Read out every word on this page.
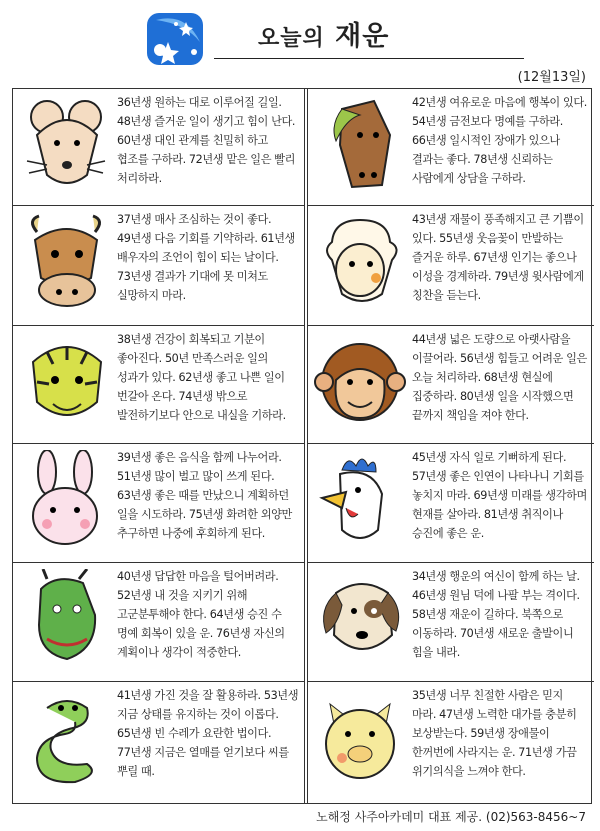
오늘의 재운
(12월13일)
36년생 원하는 대로 이루어질 길일. 48년생 즐거운 일이 생기고 힘이 난다. 60년생 대인 관계를 친밀히 하고 협조를 구하라. 72년생 맡은 일은 빨리 처리하라.
37년생 매사 조심하는 것이 좋다. 49년생 다음 기회를 기약하라. 61년생 배우자의 조언이 힘이 되는 날이다. 73년생 결과가 기대에 못 미쳐도 실망하지 마라.
38년생 건강이 회복되고 기분이 좋아진다. 50년 만족스러운 일의 성과가 있다. 62년생 좋고 나쁜 일이 번갈아 온다. 74년생 밖으로 발전하기보다 안으로 내실을 기하라.
39년생 좋은 음식을 함께 나누어라. 51년생 많이 벌고 많이 쓰게 된다. 63년생 좋은 때를 만났으니 계획하던 일을 시도하라. 75년생 화려한 외양만 추구하면 나중에 후회하게 된다.
40년생 답답한 마음을 털어버려라. 52년생 내 것을 지키기 위해 고군분투해야 한다. 64년생 승진 수 명예 회복이 있을 운. 76년생 자신의 계획이나 생각이 적중한다.
41년생 가진 것을 잘 활용하라. 53년생 지금 상태를 유지하는 것이 이롭다. 65년생 빈 수레가 요란한 법이다. 77년생 지금은 열매를 얻기보다 씨를 뿌릴 때.
42년생 여유로운 마음에 행복이 있다. 54년생 금전보다 명예를 구하라. 66년생 일시적인 장애가 있으나 결과는 좋다. 78년생 신뢰하는 사람에게 상담을 구하라.
43년생 재물이 풍족해지고 큰 기쁨이 있다. 55년생 웃음꽃이 만발하는 즐거운 하루. 67년생 인기는 좋으나 이성을 경계하라. 79년생 윗사람에게 칭찬을 듣는다.
44년생 넓은 도량으로 아랫사람을 이끌어라. 56년생 힘들고 어려운 일은 오늘 처리하라. 68년생 현실에 집중하라. 80년생 일을 시작했으면 끝까지 책임을 져야 한다.
45년생 자식 일로 기뻐하게 된다. 57년생 좋은 인연이 나타나니 기회를 놓치지 마라. 69년생 미래를 생각하며 현재를 살아라. 81년생 취직이나 승진에 좋은 운.
34년생 행운의 여신이 함께 하는 날. 46년생 원님 덕에 나팔 부는 격이다. 58년생 재운이 길하다. 북쪽으로 이동하라. 70년생 새로운 출발이니 힘을 내라.
35년생 너무 친절한 사람은 믿지 마라. 47년생 노력한 대가를 충분히 보상받는다. 59년생 장애물이 한꺼번에 사라지는 운. 71년생 가끔 위기의식을 느껴야 한다.
노해정 사주아카데미 대표 제공. (02)563-8456~7
